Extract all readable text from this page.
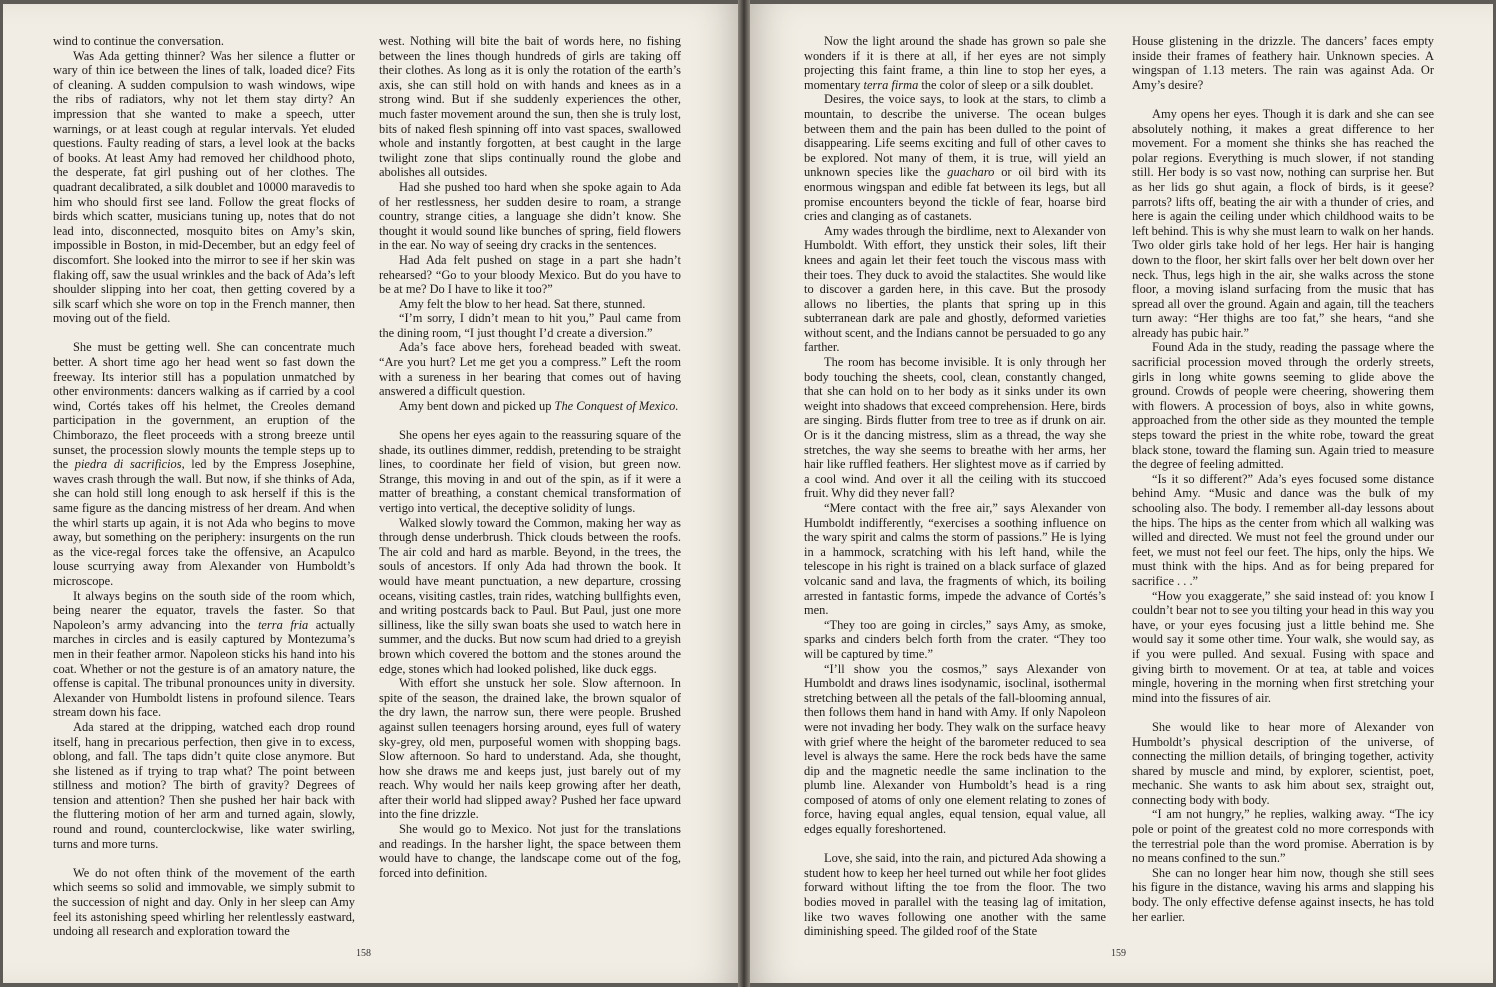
wind to continue the conversation.

Was Ada getting thinner? Was her silence a flutter or wary of thin ice between the lines of talk, loaded dice? Fits of cleaning. A sudden compulsion to wash windows, wipe the ribs of radiators, why not let them stay dirty? An impression that she wanted to make a speech, utter warnings, or at least cough at regular intervals. Yet eluded questions. Faulty reading of stars, a level look at the backs of books. At least Amy had removed her childhood photo, the desperate, fat girl pushing out of her clothes. The quadrant decalibrated, a silk doublet and 10000 maravedis to him who should first see land. Follow the great flocks of birds which scatter, musicians tuning up, notes that do not lead into, disconnected, mosquito bites on Amy’s skin, impossible in Boston, in mid-December, but an edgy feel of discomfort. She looked into the mirror to see if her skin was flaking off, saw the usual wrinkles and the back of Ada’s left shoulder slipping into her coat, then getting covered by a silk scarf which she wore on top in the French manner, then moving out of the field.

She must be getting well. She can concentrate much better. A short time ago her head went so fast down the freeway. Its interior still has a population unmatched by other environments: dancers walking as if carried by a cool wind, Cortés takes off his helmet, the Creoles demand participation in the government, an eruption of the Chimborazo, the fleet proceeds with a strong breeze until sunset, the procession slowly mounts the temple steps up to the piedra di sacrificios, led by the Empress Josephine, waves crash through the wall. But now, if she thinks of Ada, she can hold still long enough to ask herself if this is the same figure as the dancing mistress of her dream. And when the whirl starts up again, it is not Ada who begins to move away, but something on the periphery: insurgents on the run as the vice-regal forces take the offensive, an Acapulco louse scurrying away from Alexander von Humboldt’s microscope.

It always begins on the south side of the room which, being nearer the equator, travels the faster. So that Napoleon’s army advancing into the terra fria actually marches in circles and is easily captured by Montezuma’s men in their feather armor. Napoleon sticks his hand into his coat. Whether or not the gesture is of an amatory nature, the offense is capital. The tribunal pronounces unity in diversity. Alexander von Humboldt listens in profound silence. Tears stream down his face.

Ada stared at the dripping, watched each drop round itself, hang in precarious perfection, then give in to excess, oblong, and fall. The taps didn’t quite close anymore. But she listened as if trying to trap what? The point between stillness and motion? The birth of gravity? Degrees of tension and attention? Then she pushed her hair back with the fluttering motion of her arm and turned again, slowly, round and round, counterclockwise, like water swirling, turns and more turns.

We do not often think of the movement of the earth which seems so solid and immovable, we simply submit to the succession of night and day. Only in her sleep can Amy feel its astonishing speed whirling her relentlessly eastward, undoing all research and exploration toward the

west. Nothing will bite the bait of words here, no fishing between the lines though hundreds of girls are taking off their clothes. As long as it is only the rotation of the earth’s axis, she can still hold on with hands and knees as in a strong wind. But if she suddenly experiences the other, much faster movement around the sun, then she is truly lost, bits of naked flesh spinning off into vast spaces, swallowed whole and instantly forgotten, at best caught in the large twilight zone that slips continually round the globe and abolishes all outsides.

Had she pushed too hard when she spoke again to Ada of her restlessness, her sudden desire to roam, a strange country, strange cities, a language she didn’t know. She thought it would sound like bunches of spring, field flowers in the ear. No way of seeing dry cracks in the sentences.

Had Ada felt pushed on stage in a part she hadn’t rehearsed? “Go to your bloody Mexico. But do you have to be at me? Do I have to like it too?”

Amy felt the blow to her head. Sat there, stunned.

“I’m sorry, I didn’t mean to hit you,” Paul came from the dining room, “I just thought I’d create a diversion.”

Ada’s face above hers, forehead beaded with sweat. “Are you hurt? Let me get you a compress.” Left the room with a sureness in her bearing that comes out of having answered a difficult question.

Amy bent down and picked up The Conquest of Mexico.

She opens her eyes again to the reassuring square of the shade, its outlines dimmer, reddish, pretending to be straight lines, to coordinate her field of vision, but green now. Strange, this moving in and out of the spin, as if it were a matter of breathing, a constant chemical transformation of vertigo into vertical, the deceptive solidity of lungs.

Walked slowly toward the Common, making her way as through dense underbrush. Thick clouds between the roofs. The air cold and hard as marble. Beyond, in the trees, the souls of ancestors. If only Ada had thrown the book. It would have meant punctuation, a new departure, crossing oceans, visiting castles, train rides, watching bullfights even, and writing postcards back to Paul. But Paul, just one more silliness, like the silly swan boats she used to watch here in summer, and the ducks. But now scum had dried to a greyish brown which covered the bottom and the stones around the edge, stones which had looked polished, like duck eggs.

With effort she unstuck her sole. Slow afternoon. In spite of the season, the drained lake, the brown squalor of the dry lawn, the narrow sun, there were people. Brushed against sullen teenagers horsing around, eyes full of watery sky-grey, old men, purposeful women with shopping bags. Slow afternoon. So hard to understand. Ada, she thought, how she draws me and keeps just, just barely out of my reach. Why would her nails keep growing after her death, after their world had slipped away? Pushed her face upward into the fine drizzle.

She would go to Mexico. Not just for the translations and readings. In the harsher light, the space between them would have to change, the landscape come out of the fog, forced into definition.

Now the light around the shade has grown so pale she wonders if it is there at all, if her eyes are not simply projecting this faint frame, a thin line to stop her eyes, a momentary terra firma the color of sleep or a silk doublet.

Desires, the voice says, to look at the stars, to climb a mountain, to describe the universe. The ocean bulges between them and the pain has been dulled to the point of disappearing. Life seems exciting and full of other caves to be explored. Not many of them, it is true, will yield an unknown species like the guacharo or oil bird with its enormous wingspan and edible fat between its legs, but all promise encounters beyond the tickle of fear, hoarse bird cries and clanging as of castanets.

Amy wades through the birdlime, next to Alexander von Humboldt. With effort, they unstick their soles, lift their knees and again let their feet touch the viscous mass with their toes. They duck to avoid the stalactites. She would like to discover a garden here, in this cave. But the prosody allows no liberties, the plants that spring up in this subterranean dark are pale and ghostly, deformed varieties without scent, and the Indians cannot be persuaded to go any farther.

The room has become invisible. It is only through her body touching the sheets, cool, clean, constantly changed, that she can hold on to her body as it sinks under its own weight into shadows that exceed comprehension. Here, birds are singing. Birds flutter from tree to tree as if drunk on air. Or is it the dancing mistress, slim as a thread, the way she stretches, the way she seems to breathe with her arms, her hair like ruffled feathers. Her slightest move as if carried by a cool wind. And over it all the ceiling with its stuccoed fruit. Why did they never fall?

“Mere contact with the free air,” says Alexander von Humboldt indifferently, “exercises a soothing influence on the wary spirit and calms the storm of passions.” He is lying in a hammock, scratching with his left hand, while the telescope in his right is trained on a black surface of glazed volcanic sand and lava, the fragments of which, its boiling arrested in fantastic forms, impede the advance of Cortés’s men.

“They too are going in circles,” says Amy, as smoke, sparks and cinders belch forth from the crater. “They too will be captured by time.”

“I’ll show you the cosmos,” says Alexander von Humboldt and draws lines isodynamic, isoclinal, isothermal stretching between all the petals of the fall-blooming annual, then follows them hand in hand with Amy. If only Napoleon were not invading her body. They walk on the surface heavy with grief where the height of the barometer reduced to sea level is always the same. Here the rock beds have the same dip and the magnetic needle the same inclination to the plumb line. Alexander von Humboldt’s head is a ring composed of atoms of only one element relating to zones of force, having equal angles, equal tension, equal value, all edges equally foreshortened.

Love, she said, into the rain, and pictured Ada showing a student how to keep her heel turned out while her foot glides forward without lifting the toe from the floor. The two bodies moved in parallel with the teasing lag of imitation, like two waves following one another with the same diminishing speed. The gilded roof of the State

House glistening in the drizzle. The dancers’ faces empty inside their frames of feathery hair. Unknown species. A wingspan of 1.13 meters. The rain was against Ada. Or Amy’s desire?

Amy opens her eyes. Though it is dark and she can see absolutely nothing, it makes a great difference to her movement. For a moment she thinks she has reached the polar regions. Everything is much slower, if not standing still. Her body is so vast now, nothing can surprise her. But as her lids go shut again, a flock of birds, is it geese? parrots? lifts off, beating the air with a thunder of cries, and here is again the ceiling under which childhood waits to be left behind. This is why she must learn to walk on her hands. Two older girls take hold of her legs. Her hair is hanging down to the floor, her skirt falls over her belt down over her neck. Thus, legs high in the air, she walks across the stone floor, a moving island surfacing from the music that has spread all over the ground. Again and again, till the teachers turn away: “Her thighs are too fat,” she hears, “and she already has pubic hair.”

Found Ada in the study, reading the passage where the sacrificial procession moved through the orderly streets, girls in long white gowns seeming to glide above the ground. Crowds of people were cheering, showering them with flowers. A procession of boys, also in white gowns, approached from the other side as they mounted the temple steps toward the priest in the white robe, toward the great black stone, toward the flaming sun. Again tried to measure the degree of feeling admitted.

“Is it so different?” Ada’s eyes focused some distance behind Amy. “Music and dance was the bulk of my schooling also. The body. I remember all-day lessons about the hips. The hips as the center from which all walking was willed and directed. We must not feel the ground under our feet, we must not feel our feet. The hips, only the hips. We must think with the hips. And as for being prepared for sacrifice . . .”

“How you exaggerate,” she said instead of: you know I couldn’t bear not to see you tilting your head in this way you have, or your eyes focusing just a little behind me. She would say it some other time. Your walk, she would say, as if you were pulled. And sexual. Fusing with space and giving birth to movement. Or at tea, at table and voices mingle, hovering in the morning when first stretching your mind into the fissures of air.

She would like to hear more of Alexander von Humboldt’s physical description of the universe, of connecting the million details, of bringing together, activity shared by muscle and mind, by explorer, scientist, poet, mechanic. She wants to ask him about sex, straight out, connecting body with body.

“I am not hungry,” he replies, walking away. “The icy pole or point of the greatest cold no more corresponds with the terrestrial pole than the word promise. Aberration is by no means confined to the sun.”

She can no longer hear him now, though she still sees his figure in the distance, waving his arms and slapping his body. The only effective defense against insects, he has told her earlier.

158	159
